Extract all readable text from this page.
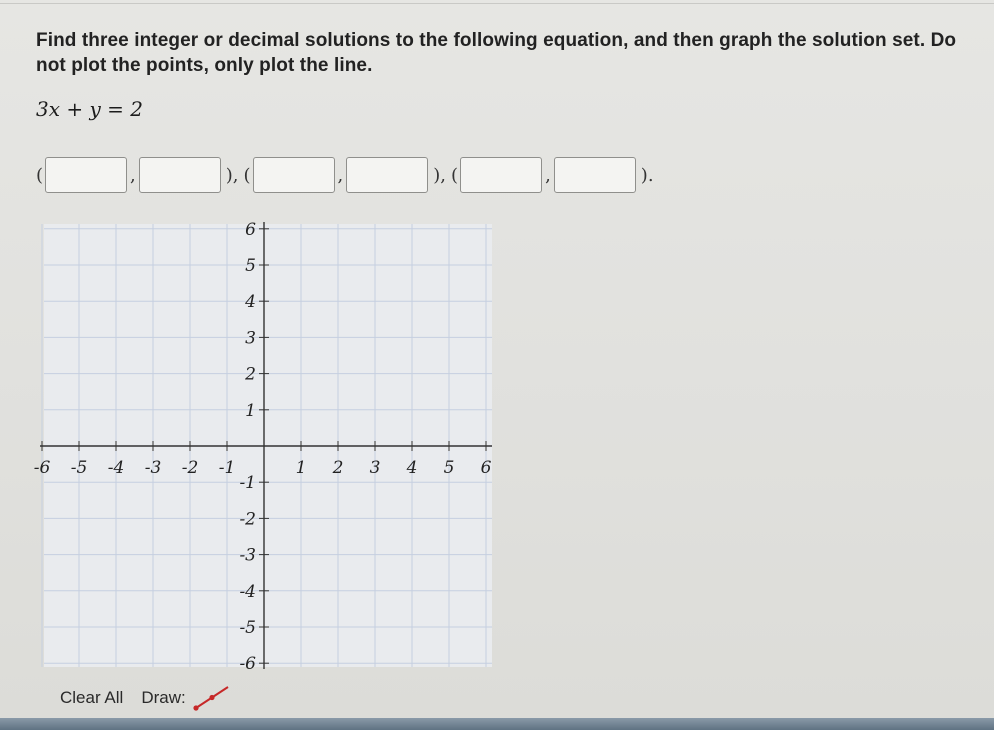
Find three integer or decimal solutions to the following equation, and then graph the solution set. Do not plot the points, only plot the line.
3x + y = 2
(	,	), (	,	), (	,	).
-6 -5 -4 -3 -2 -1	1 2 3 4 5 6
6
5
4
3
2
1
-1
-2
-3
-4
-5
-6
Clear All	Draw:
